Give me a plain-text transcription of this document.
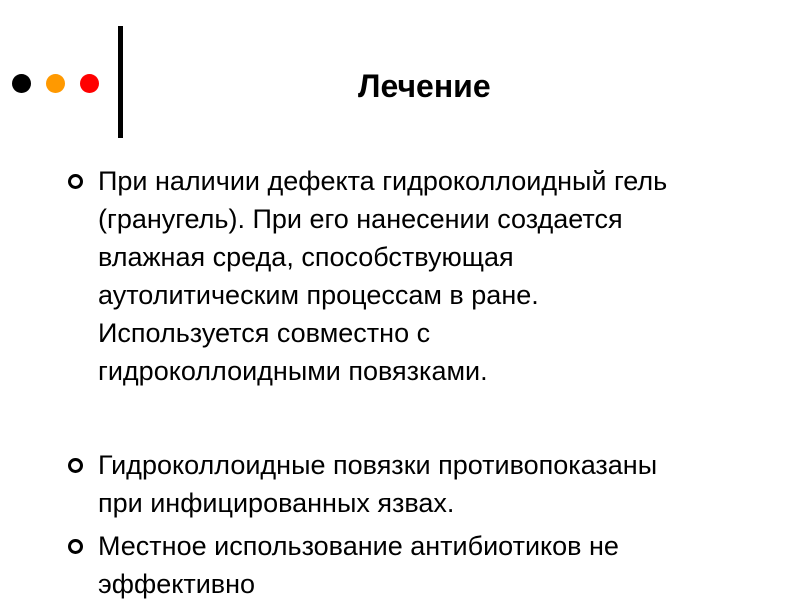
Лечение
При наличии дефекта гидроколлоидный гель
(гранугель). При его нанесении создается
влажная среда, способствующая
аутолитическим процессам в ране.
Используется совместно с
гидроколлоидными повязками.
Гидроколлоидные повязки противопоказаны
при инфицированных язвах.
Местное использование антибиотиков не
эффективно
